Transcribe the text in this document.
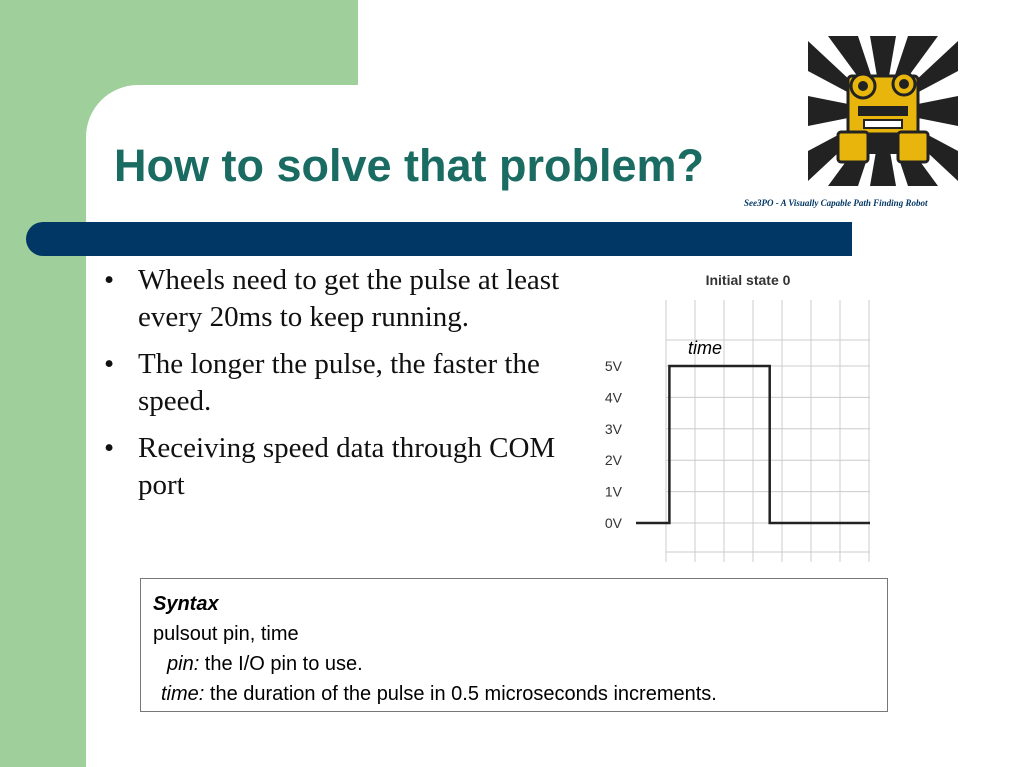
How to solve that problem?
See3PO - A Visually Capable Path Finding Robot
• Wheels need to get the pulse at least every 20ms to keep running.
• The longer the pulse, the faster the speed.
• Receiving speed data through COM port
Initial state 0
5V
4V
3V
2V
1V
0V
time
Syntax
pulsout pin, time
pin: the I/O pin to use.
time: the duration of the pulse in 0.5 microseconds increments.
